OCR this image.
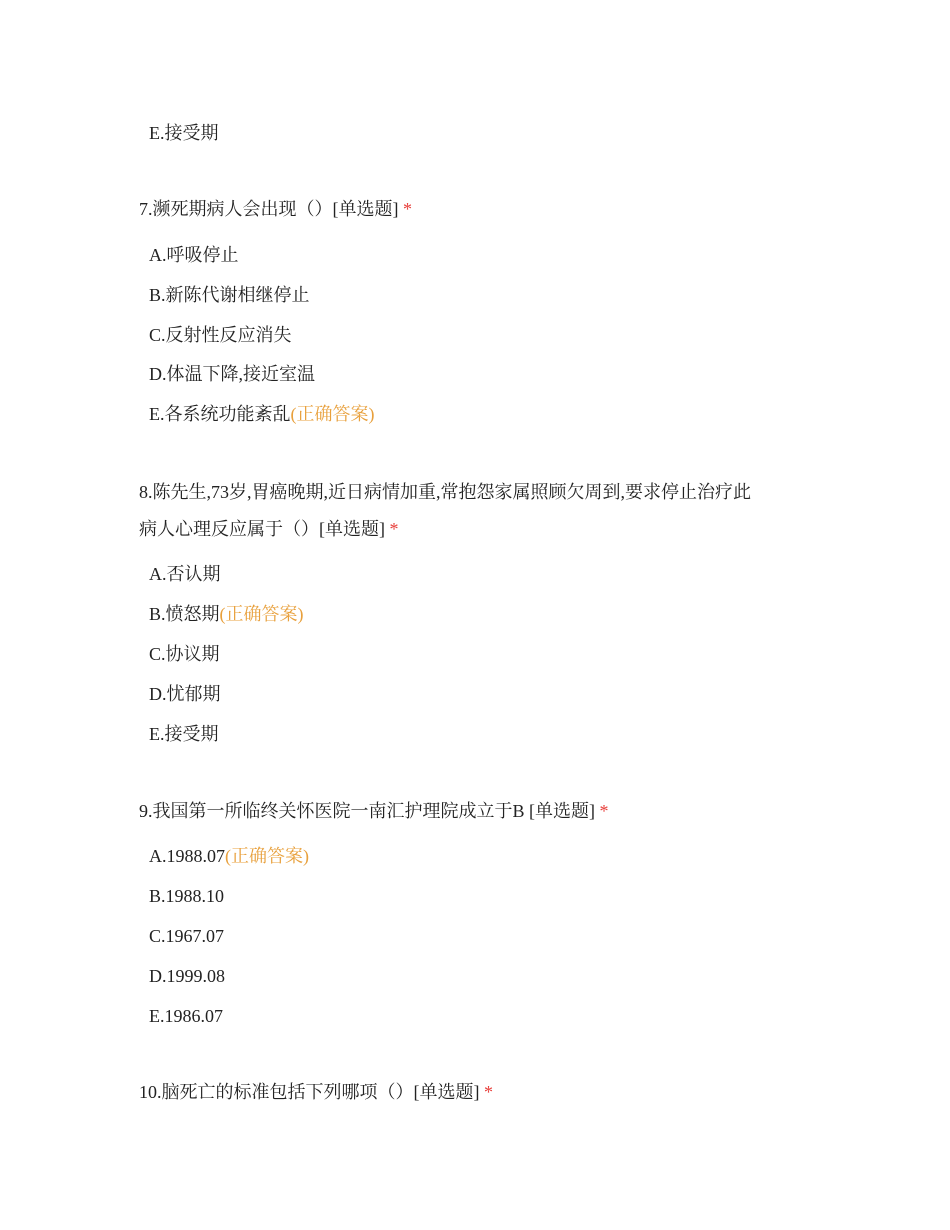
E.接受期
7.濒死期病人会出现（）[单选题] *
A.呼吸停止
B.新陈代谢相继停止
C.反射性反应消失
D.体温下降,接近室温
E.各系统功能紊乱(正确答案)
8.陈先生,73岁,胃癌晚期,近日病情加重,常抱怨家属照顾欠周到,要求停止治疗此
病人心理反应属于（）[单选题] *
A.否认期
B.愤怒期(正确答案)
C.协议期
D.忧郁期
E.接受期
9.我国第一所临终关怀医院一南汇护理院成立于B [单选题] *
A.1988.07(正确答案)
B.1988.10
C.1967.07
D.1999.08
E.1986.07
10.脑死亡的标准包括下列哪项（）[单选题] *
